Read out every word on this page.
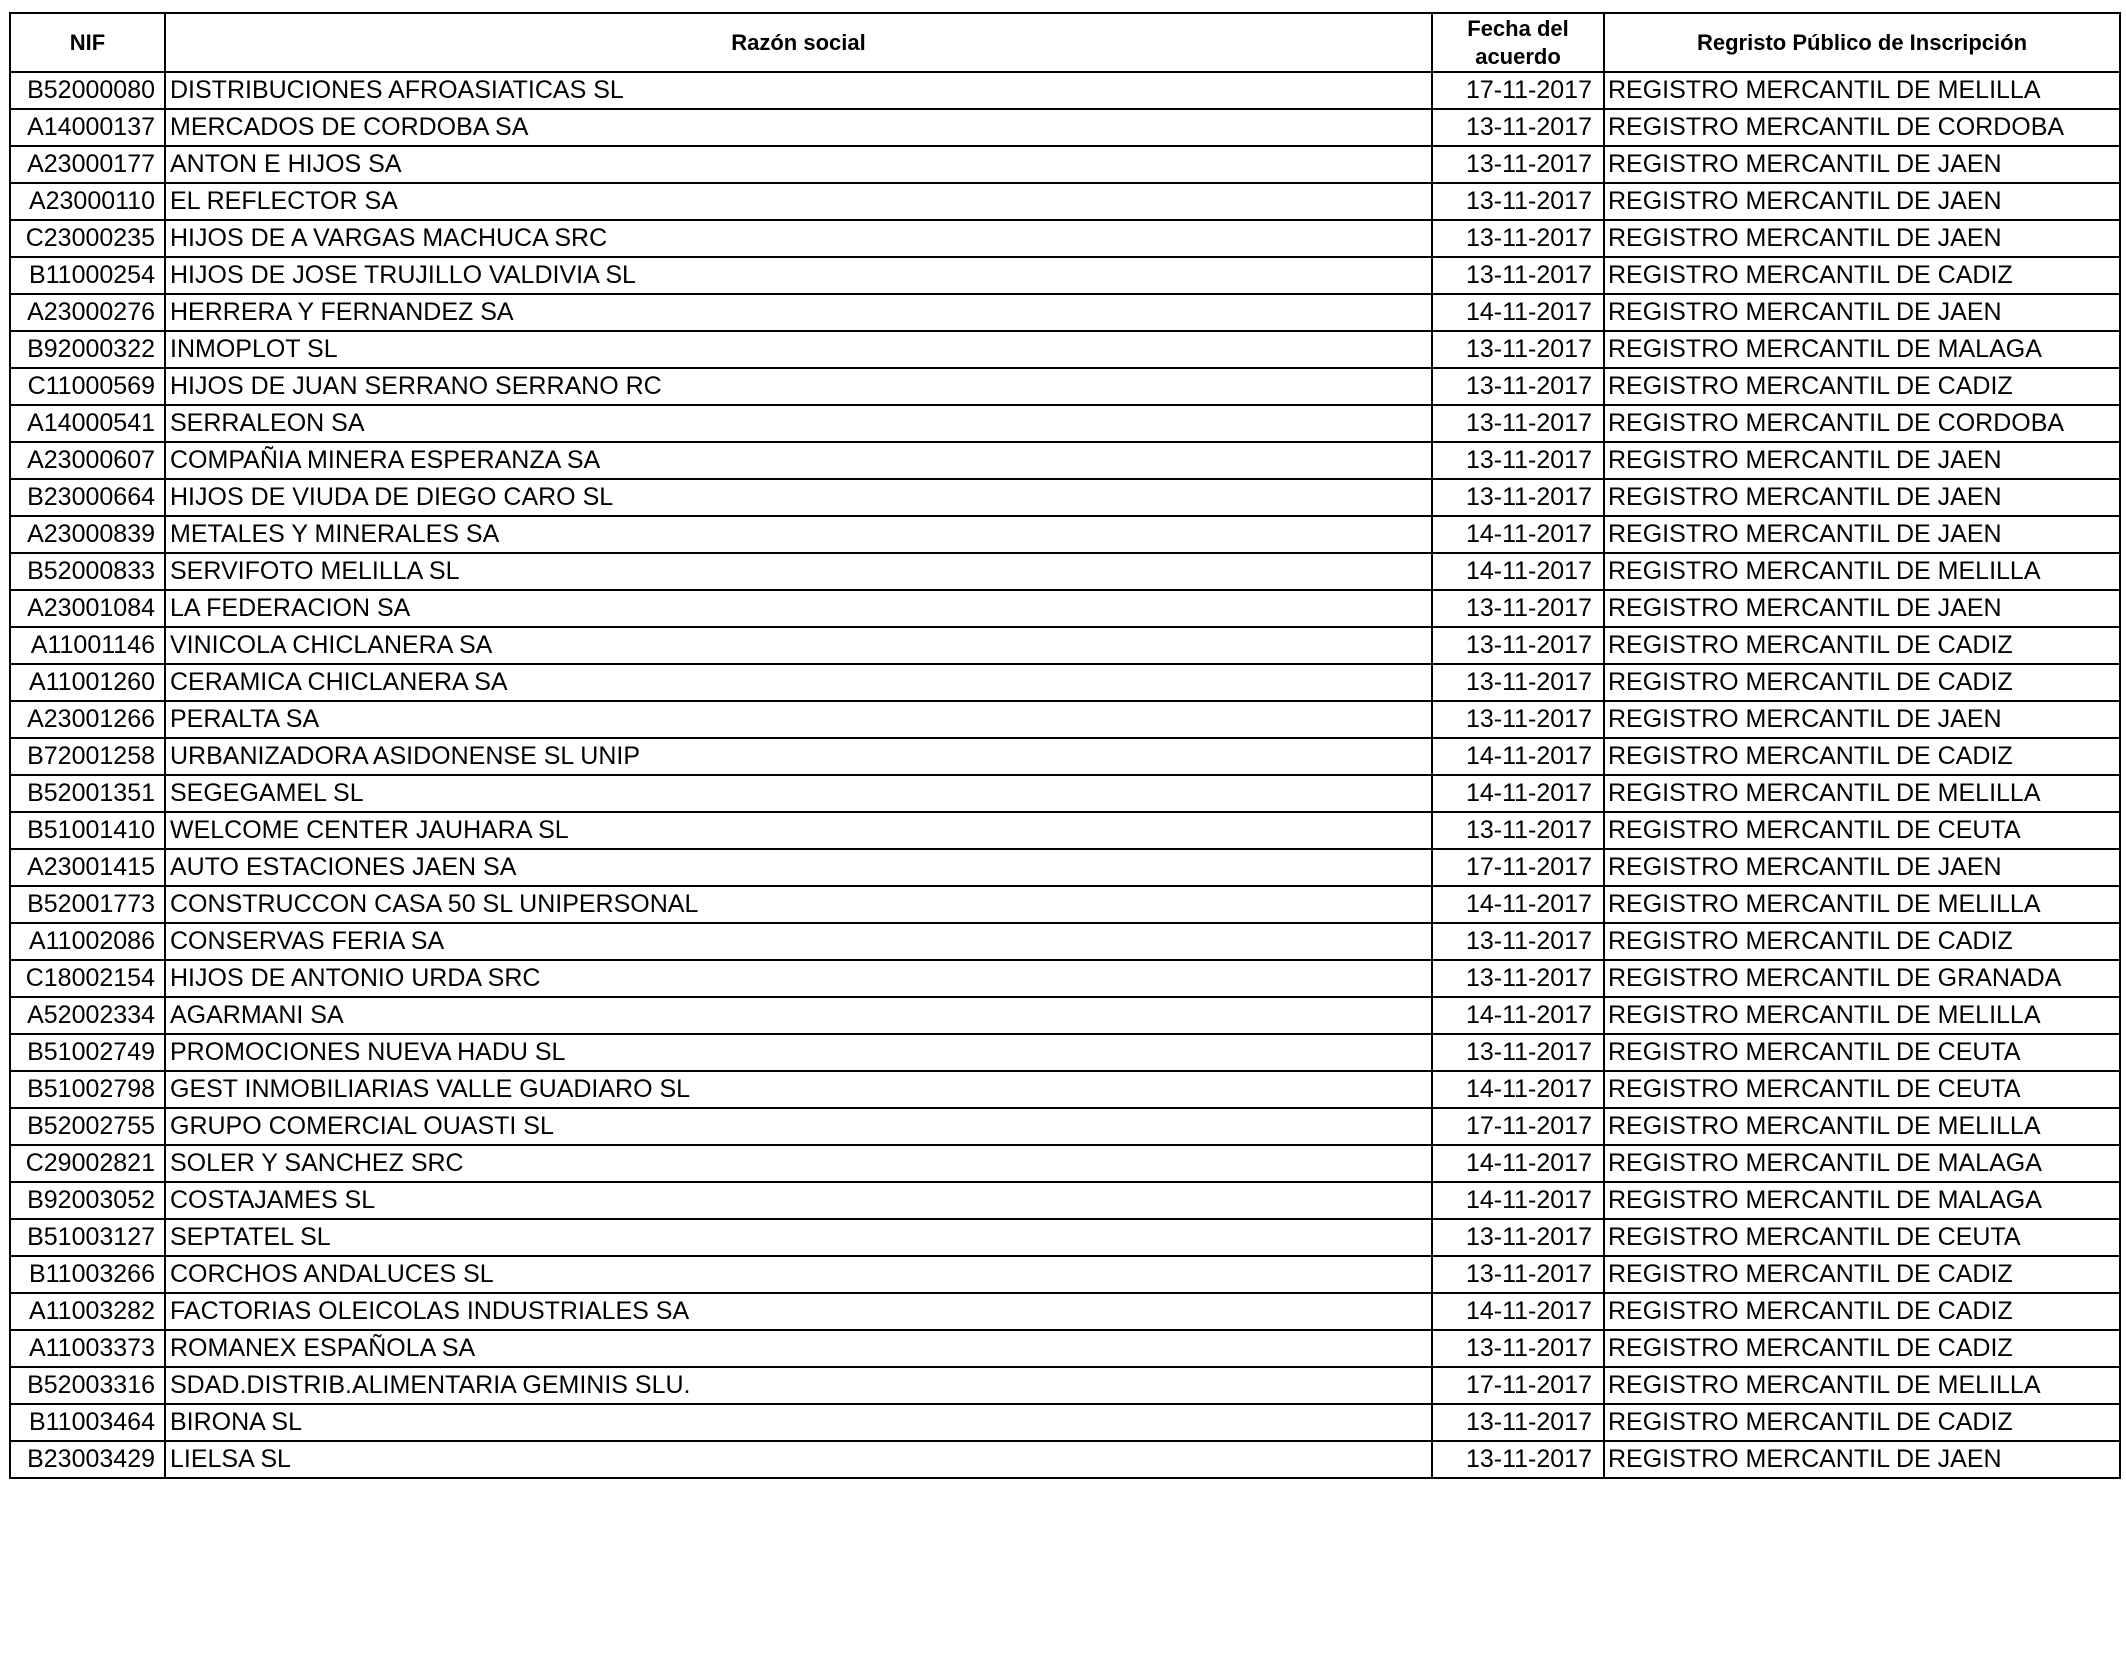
NIF	Razón social	Fecha del acuerdo	Regristo Público de Inscripción
B52000080	DISTRIBUCIONES AFROASIATICAS SL	17-11-2017	REGISTRO MERCANTIL DE MELILLA
A14000137	MERCADOS DE CORDOBA SA	13-11-2017	REGISTRO MERCANTIL DE CORDOBA
A23000177	ANTON E HIJOS SA	13-11-2017	REGISTRO MERCANTIL DE JAEN
A23000110	EL REFLECTOR SA	13-11-2017	REGISTRO MERCANTIL DE JAEN
C23000235	HIJOS DE A VARGAS MACHUCA SRC	13-11-2017	REGISTRO MERCANTIL DE JAEN
B11000254	HIJOS DE JOSE TRUJILLO VALDIVIA SL	13-11-2017	REGISTRO MERCANTIL DE CADIZ
A23000276	HERRERA Y FERNANDEZ SA	14-11-2017	REGISTRO MERCANTIL DE JAEN
B92000322	INMOPLOT SL	13-11-2017	REGISTRO MERCANTIL DE MALAGA
C11000569	HIJOS DE JUAN SERRANO SERRANO RC	13-11-2017	REGISTRO MERCANTIL DE CADIZ
A14000541	SERRALEON SA	13-11-2017	REGISTRO MERCANTIL DE CORDOBA
A23000607	COMPAÑIA MINERA ESPERANZA SA	13-11-2017	REGISTRO MERCANTIL DE JAEN
B23000664	HIJOS DE VIUDA DE DIEGO CARO SL	13-11-2017	REGISTRO MERCANTIL DE JAEN
A23000839	METALES Y MINERALES SA	14-11-2017	REGISTRO MERCANTIL DE JAEN
B52000833	SERVIFOTO MELILLA SL	14-11-2017	REGISTRO MERCANTIL DE MELILLA
A23001084	LA FEDERACION SA	13-11-2017	REGISTRO MERCANTIL DE JAEN
A11001146	VINICOLA CHICLANERA SA	13-11-2017	REGISTRO MERCANTIL DE CADIZ
A11001260	CERAMICA CHICLANERA SA	13-11-2017	REGISTRO MERCANTIL DE CADIZ
A23001266	PERALTA SA	13-11-2017	REGISTRO MERCANTIL DE JAEN
B72001258	URBANIZADORA ASIDONENSE SL UNIP	14-11-2017	REGISTRO MERCANTIL DE CADIZ
B52001351	SEGEGAMEL SL	14-11-2017	REGISTRO MERCANTIL DE MELILLA
B51001410	WELCOME CENTER JAUHARA SL	13-11-2017	REGISTRO MERCANTIL DE CEUTA
A23001415	AUTO ESTACIONES JAEN SA	17-11-2017	REGISTRO MERCANTIL DE JAEN
B52001773	CONSTRUCCON CASA 50 SL UNIPERSONAL	14-11-2017	REGISTRO MERCANTIL DE MELILLA
A11002086	CONSERVAS FERIA SA	13-11-2017	REGISTRO MERCANTIL DE CADIZ
C18002154	HIJOS DE ANTONIO URDA SRC	13-11-2017	REGISTRO MERCANTIL DE GRANADA
A52002334	AGARMANI SA	14-11-2017	REGISTRO MERCANTIL DE MELILLA
B51002749	PROMOCIONES NUEVA HADU SL	13-11-2017	REGISTRO MERCANTIL DE CEUTA
B51002798	GEST INMOBILIARIAS VALLE GUADIARO SL	14-11-2017	REGISTRO MERCANTIL DE CEUTA
B52002755	GRUPO COMERCIAL OUASTI SL	17-11-2017	REGISTRO MERCANTIL DE MELILLA
C29002821	SOLER Y SANCHEZ SRC	14-11-2017	REGISTRO MERCANTIL DE MALAGA
B92003052	COSTAJAMES SL	14-11-2017	REGISTRO MERCANTIL DE MALAGA
B51003127	SEPTATEL SL	13-11-2017	REGISTRO MERCANTIL DE CEUTA
B11003266	CORCHOS ANDALUCES SL	13-11-2017	REGISTRO MERCANTIL DE CADIZ
A11003282	FACTORIAS OLEICOLAS INDUSTRIALES SA	14-11-2017	REGISTRO MERCANTIL DE CADIZ
A11003373	ROMANEX ESPAÑOLA SA	13-11-2017	REGISTRO MERCANTIL DE CADIZ
B52003316	SDAD.DISTRIB.ALIMENTARIA GEMINIS SLU.	17-11-2017	REGISTRO MERCANTIL DE MELILLA
B11003464	BIRONA SL	13-11-2017	REGISTRO MERCANTIL DE CADIZ
B23003429	LIELSA SL	13-11-2017	REGISTRO MERCANTIL DE JAEN
